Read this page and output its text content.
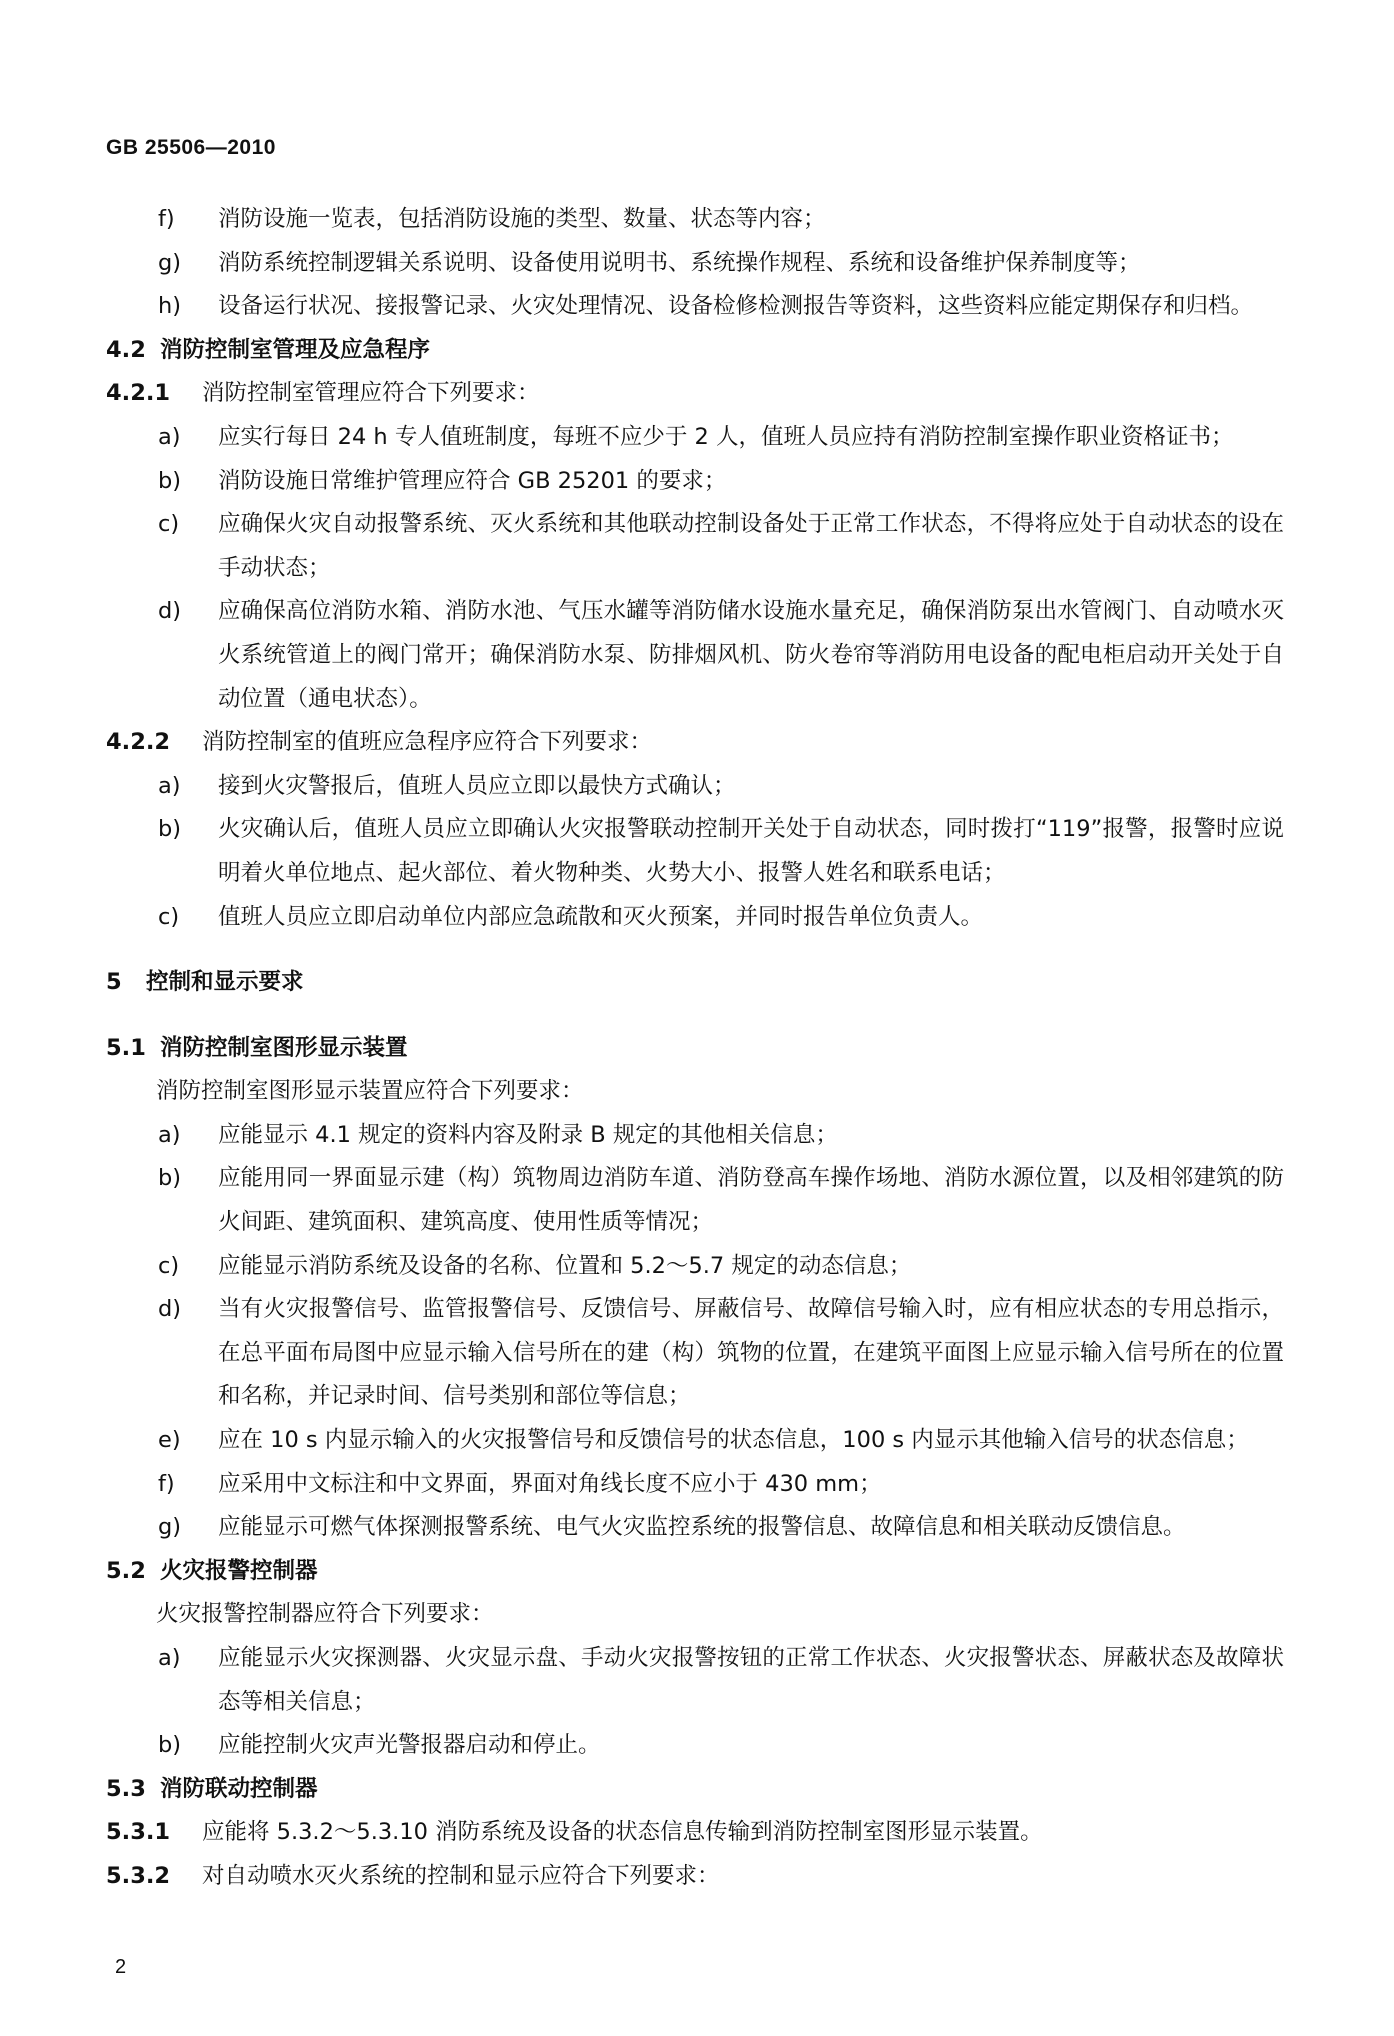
GB 25506—2010
f)	消防设施一览表，包括消防设施的类型、数量、状态等内容；
g)	消防系统控制逻辑关系说明、设备使用说明书、系统操作规程、系统和设备维护保养制度等；
h)	设备运行状况、接报警记录、火灾处理情况、设备检修检测报告等资料，这些资料应能定期保存和归档。
4.2 消防控制室管理及应急程序
4.2.1 消防控制室管理应符合下列要求：
a)	应实行每日 24 h 专人值班制度，每班不应少于 2 人，值班人员应持有消防控制室操作职业资格证书；
b)	消防设施日常维护管理应符合 GB 25201 的要求；
c)	应确保火灾自动报警系统、灭火系统和其他联动控制设备处于正常工作状态，不得将应处于自动状态的设在手动状态；
d)	应确保高位消防水箱、消防水池、气压水罐等消防储水设施水量充足，确保消防泵出水管阀门、自动喷水灭火系统管道上的阀门常开；确保消防水泵、防排烟风机、防火卷帘等消防用电设备的配电柜启动开关处于自动位置（通电状态）。
4.2.2 消防控制室的值班应急程序应符合下列要求：
a)	接到火灾警报后，值班人员应立即以最快方式确认；
b)	火灾确认后，值班人员应立即确认火灾报警联动控制开关处于自动状态，同时拨打“119”报警，报警时应说明着火单位地点、起火部位、着火物种类、火势大小、报警人姓名和联系电话；
c)	值班人员应立即启动单位内部应急疏散和灭火预案，并同时报告单位负责人。
5 控制和显示要求
5.1 消防控制室图形显示装置
消防控制室图形显示装置应符合下列要求：
a)	应能显示 4.1 规定的资料内容及附录 B 规定的其他相关信息；
b)	应能用同一界面显示建（构）筑物周边消防车道、消防登高车操作场地、消防水源位置，以及相邻建筑的防火间距、建筑面积、建筑高度、使用性质等情况；
c)	应能显示消防系统及设备的名称、位置和 5.2～5.7 规定的动态信息；
d)	当有火灾报警信号、监管报警信号、反馈信号、屏蔽信号、故障信号输入时，应有相应状态的专用总指示，在总平面布局图中应显示输入信号所在的建（构）筑物的位置，在建筑平面图上应显示输入信号所在的位置和名称，并记录时间、信号类别和部位等信息；
e)	应在 10 s 内显示输入的火灾报警信号和反馈信号的状态信息，100 s 内显示其他输入信号的状态信息；
f)	应采用中文标注和中文界面，界面对角线长度不应小于 430 mm；
g)	应能显示可燃气体探测报警系统、电气火灾监控系统的报警信息、故障信息和相关联动反馈信息。
5.2 火灾报警控制器
火灾报警控制器应符合下列要求：
a)	应能显示火灾探测器、火灾显示盘、手动火灾报警按钮的正常工作状态、火灾报警状态、屏蔽状态及故障状态等相关信息；
b)	应能控制火灾声光警报器启动和停止。
5.3 消防联动控制器
5.3.1 应能将 5.3.2～5.3.10 消防系统及设备的状态信息传输到消防控制室图形显示装置。
5.3.2 对自动喷水灭火系统的控制和显示应符合下列要求：
2
